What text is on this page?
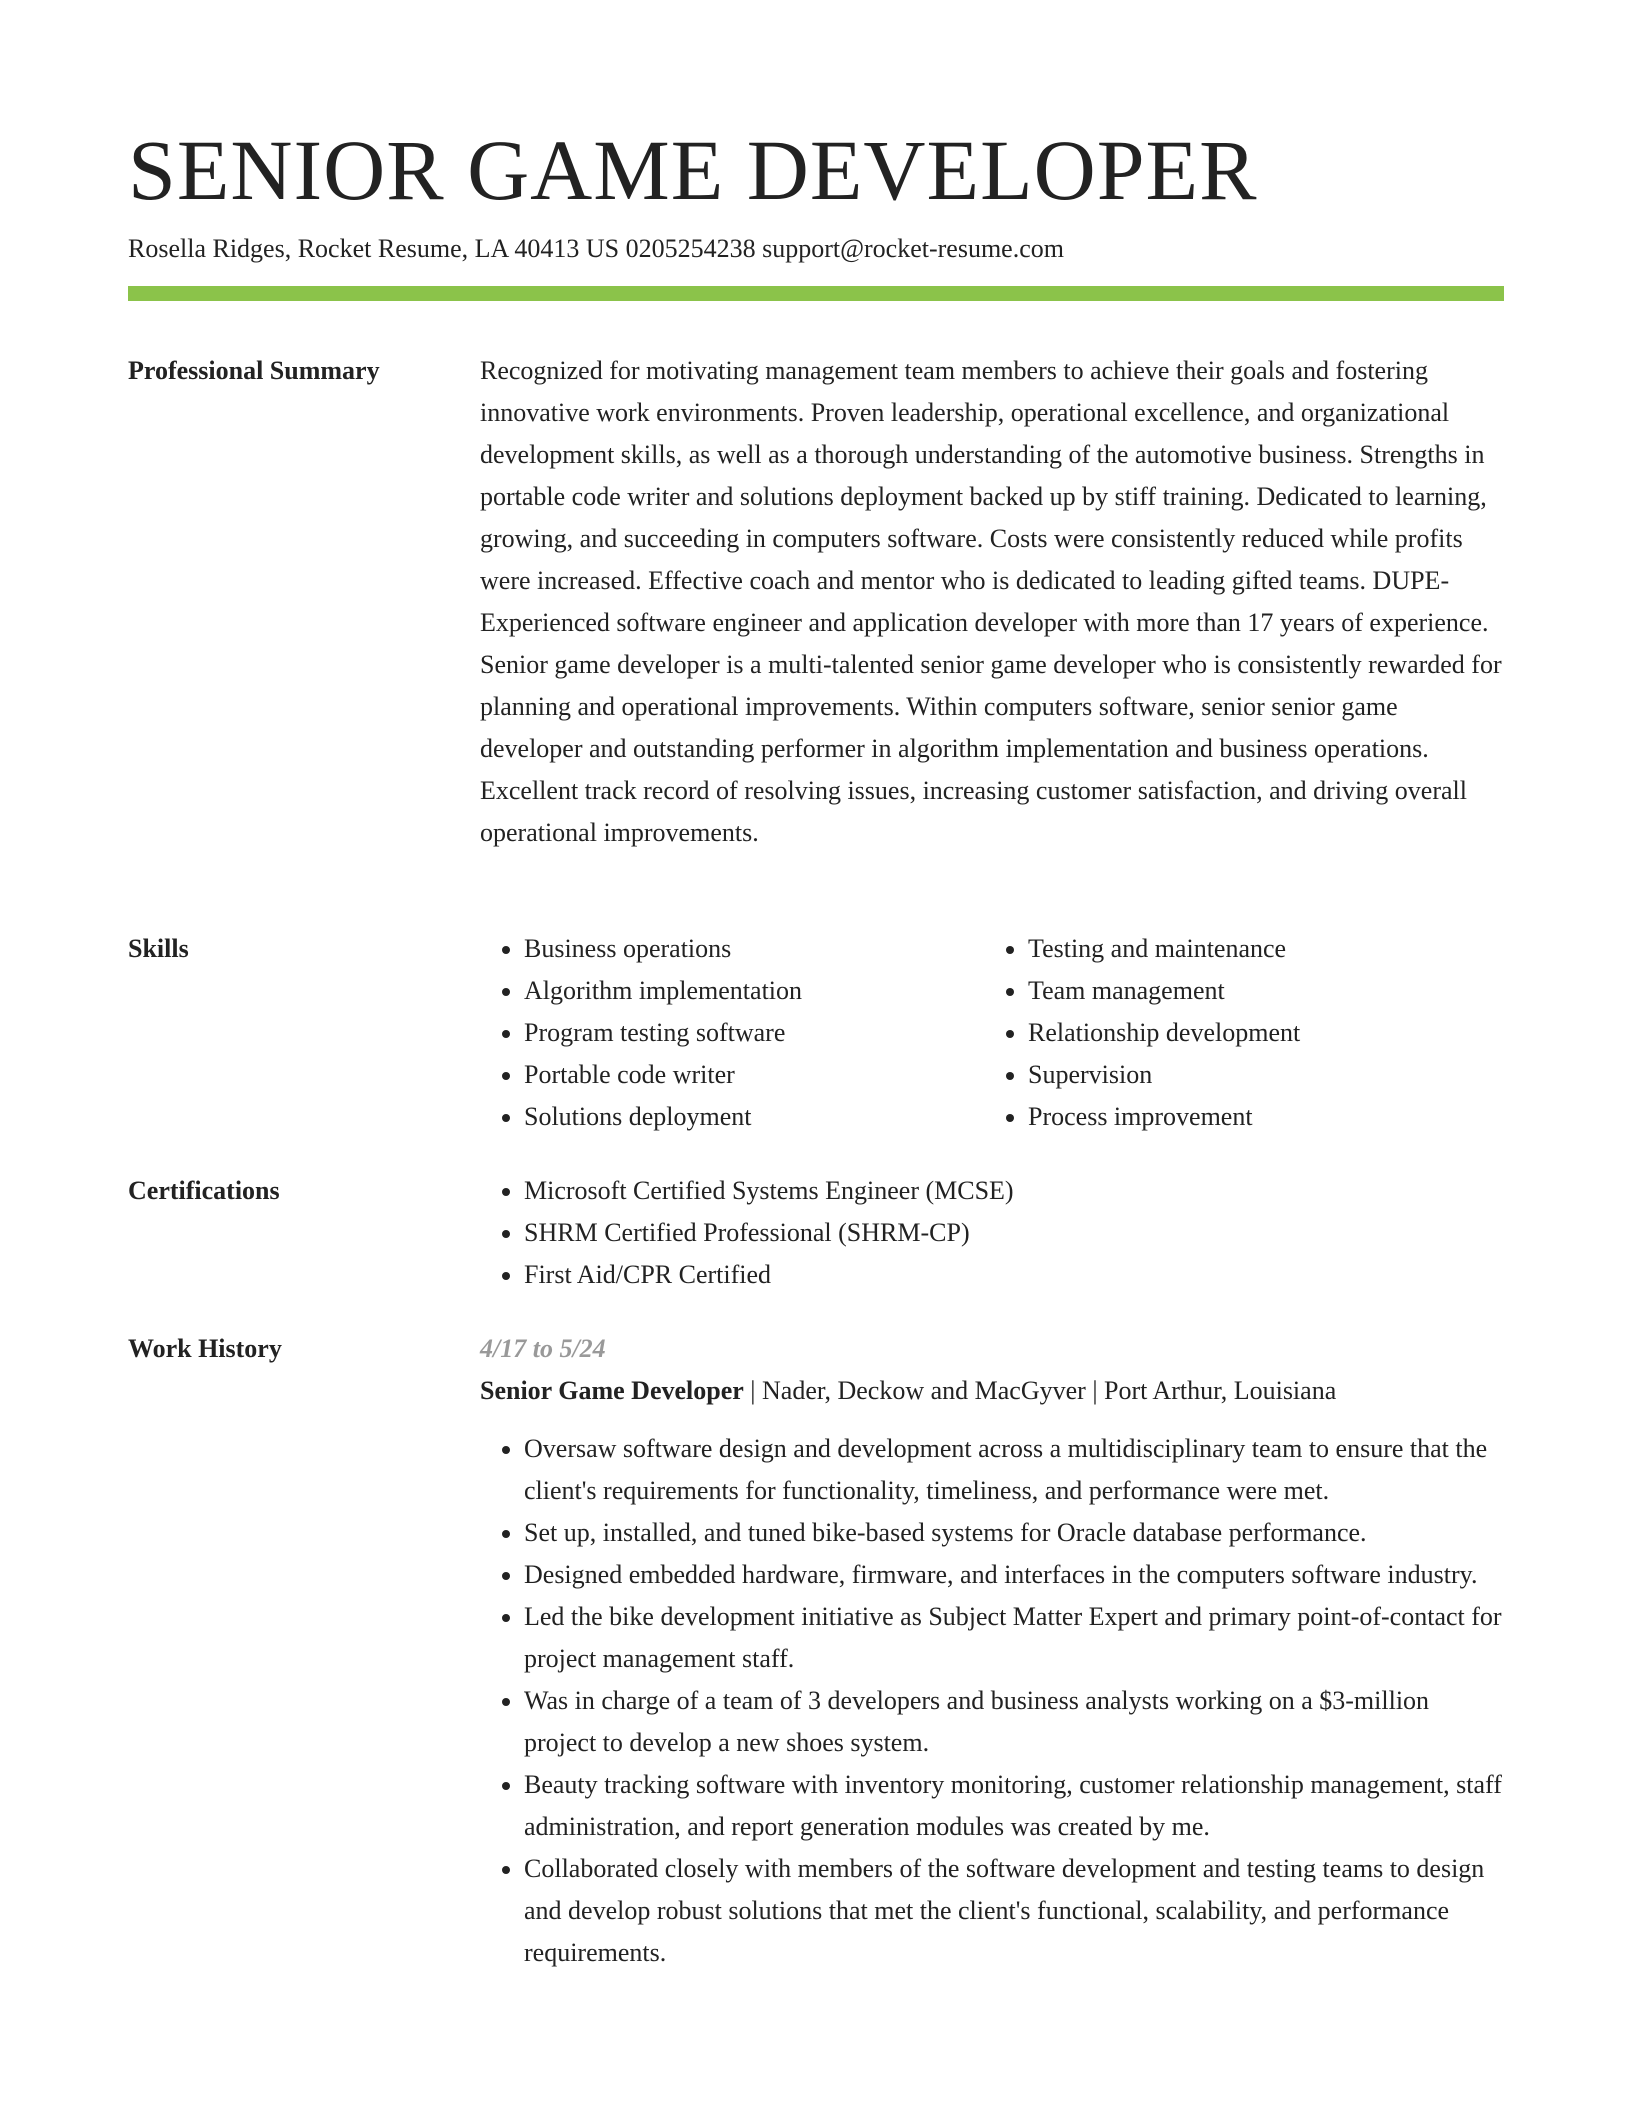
SENIOR GAME DEVELOPER
Rosella Ridges, Rocket Resume, LA 40413 US 0205254238 support@rocket-resume.com
Professional Summary	Recognized for motivating management team members to achieve their goals and fostering innovative work environments. Proven leadership, operational excellence, and organizational development skills, as well as a thorough understanding of the automotive business. Strengths in portable code writer and solutions deployment backed up by stiff training. Dedicated to learning, growing, and succeeding in computers software. Costs were consistently reduced while profits were increased. Effective coach and mentor who is dedicated to leading gifted teams. DUPE- Experienced software engineer and application developer with more than 17 years of experience. Senior game developer is a multi-talented senior game developer who is consistently rewarded for planning and operational improvements. Within computers software, senior senior game developer and outstanding performer in algorithm implementation and business operations. Excellent track record of resolving issues, increasing customer satisfaction, and driving overall operational improvements.

Skills	• Business operations
• Algorithm implementation
• Program testing software
• Portable code writer
• Solutions deployment
• Testing and maintenance
• Team management
• Relationship development
• Supervision
• Process improvement
Certifications	• Microsoft Certified Systems Engineer (MCSE)
• SHRM Certified Professional (SHRM-CP)
• First Aid/CPR Certified
Work History	4/17 to 5/24
Senior Game Developer | Nader, Deckow and MacGyver | Port Arthur, Louisiana
• Oversaw software design and development across a multidisciplinary team to ensure that the client's requirements for functionality, timeliness, and performance were met.
• Set up, installed, and tuned bike-based systems for Oracle database performance.
• Designed embedded hardware, firmware, and interfaces in the computers software industry.
• Led the bike development initiative as Subject Matter Expert and primary point-of-contact for project management staff.
• Was in charge of a team of 3 developers and business analysts working on a $3-million project to develop a new shoes system.
• Beauty tracking software with inventory monitoring, customer relationship management, staff administration, and report generation modules was created by me.
• Collaborated closely with members of the software development and testing teams to design and develop robust solutions that met the client's functional, scalability, and performance requirements.
